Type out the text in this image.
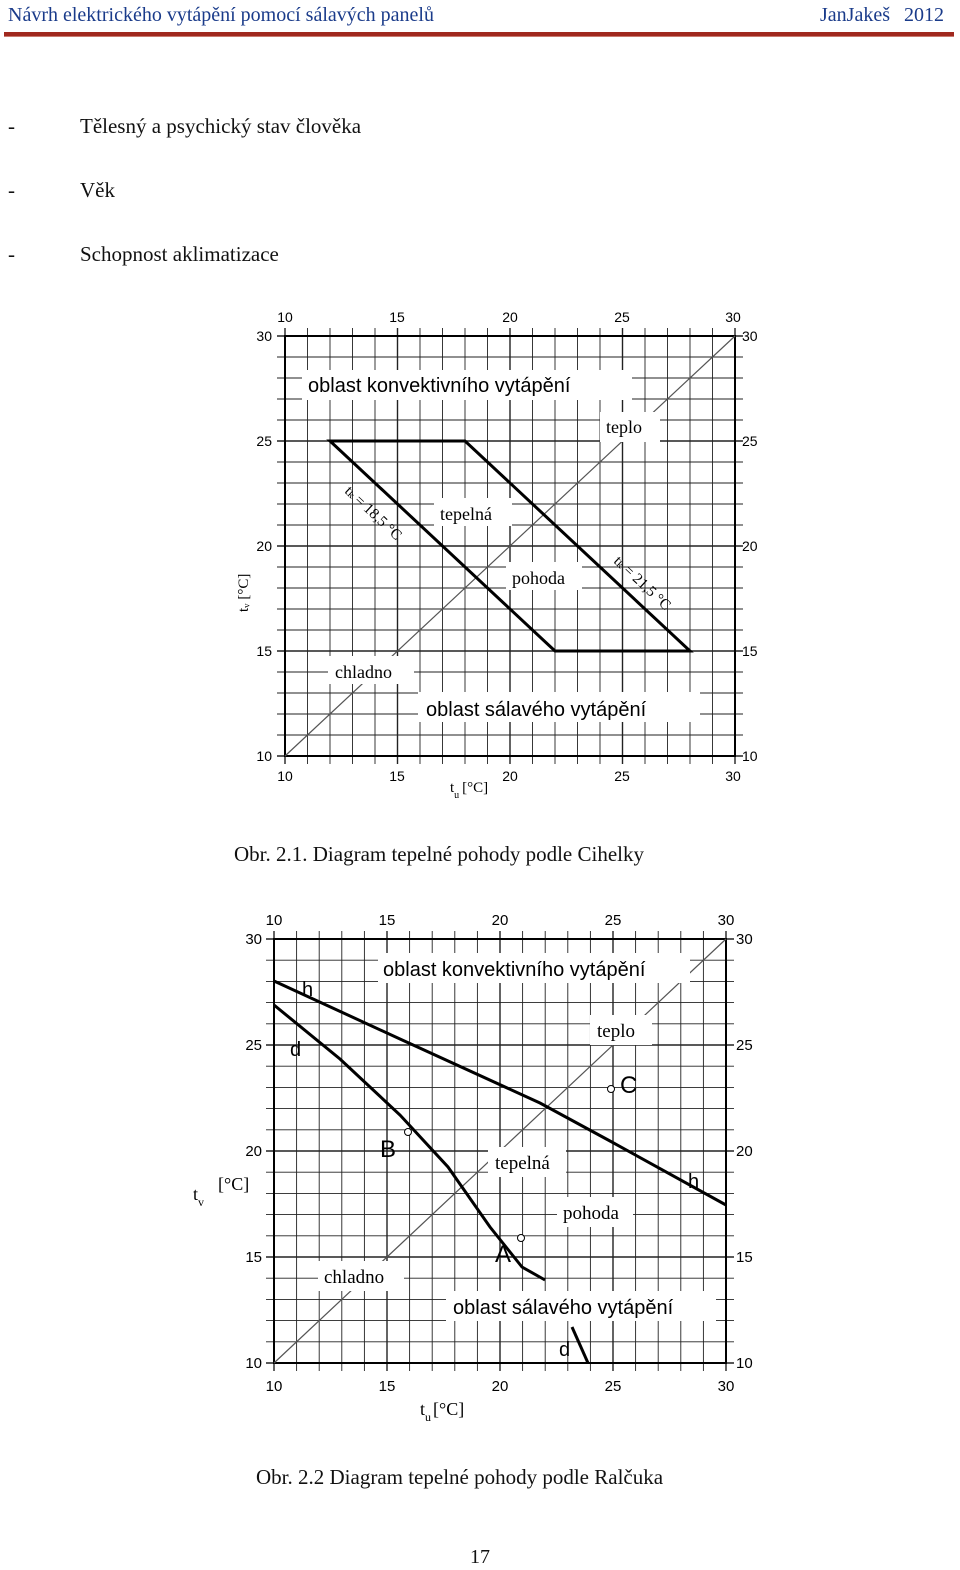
Návrh elektrického vytápění pomocí sálavých panelů	JanJakeš 2012
-	Tělesný a psychický stav člověka
-	Věk
-	Schopnost aklimatizace
10	15	20	25	30
10	15	20	25	30
30
25
20
15
10
30
25
20
15
10
$t_u$ [°C]
tᵥ [°C]
oblast konvektivního vytápění
teplo
tepelná
pohoda
chladno
oblast sálavého vytápění
tₖ = 18,5 °C
tₖ = 21,5 °C
Obr. 2.1. Diagram tepelné pohody podle Cihelky
10	15	20	25	30
10	15	20	25	30
30
25
20
15
10
30
25
20
15
10
$t_u$ [°C]
$t_v[^\circ C]$
oblast konvektivního vytápění
h
d
teplo
C
B
tepelná
h
pohoda
A
chladno
oblast sálavého vytápění
d
Obr. 2.2 Diagram tepelné pohody podle Ralčuka
17
